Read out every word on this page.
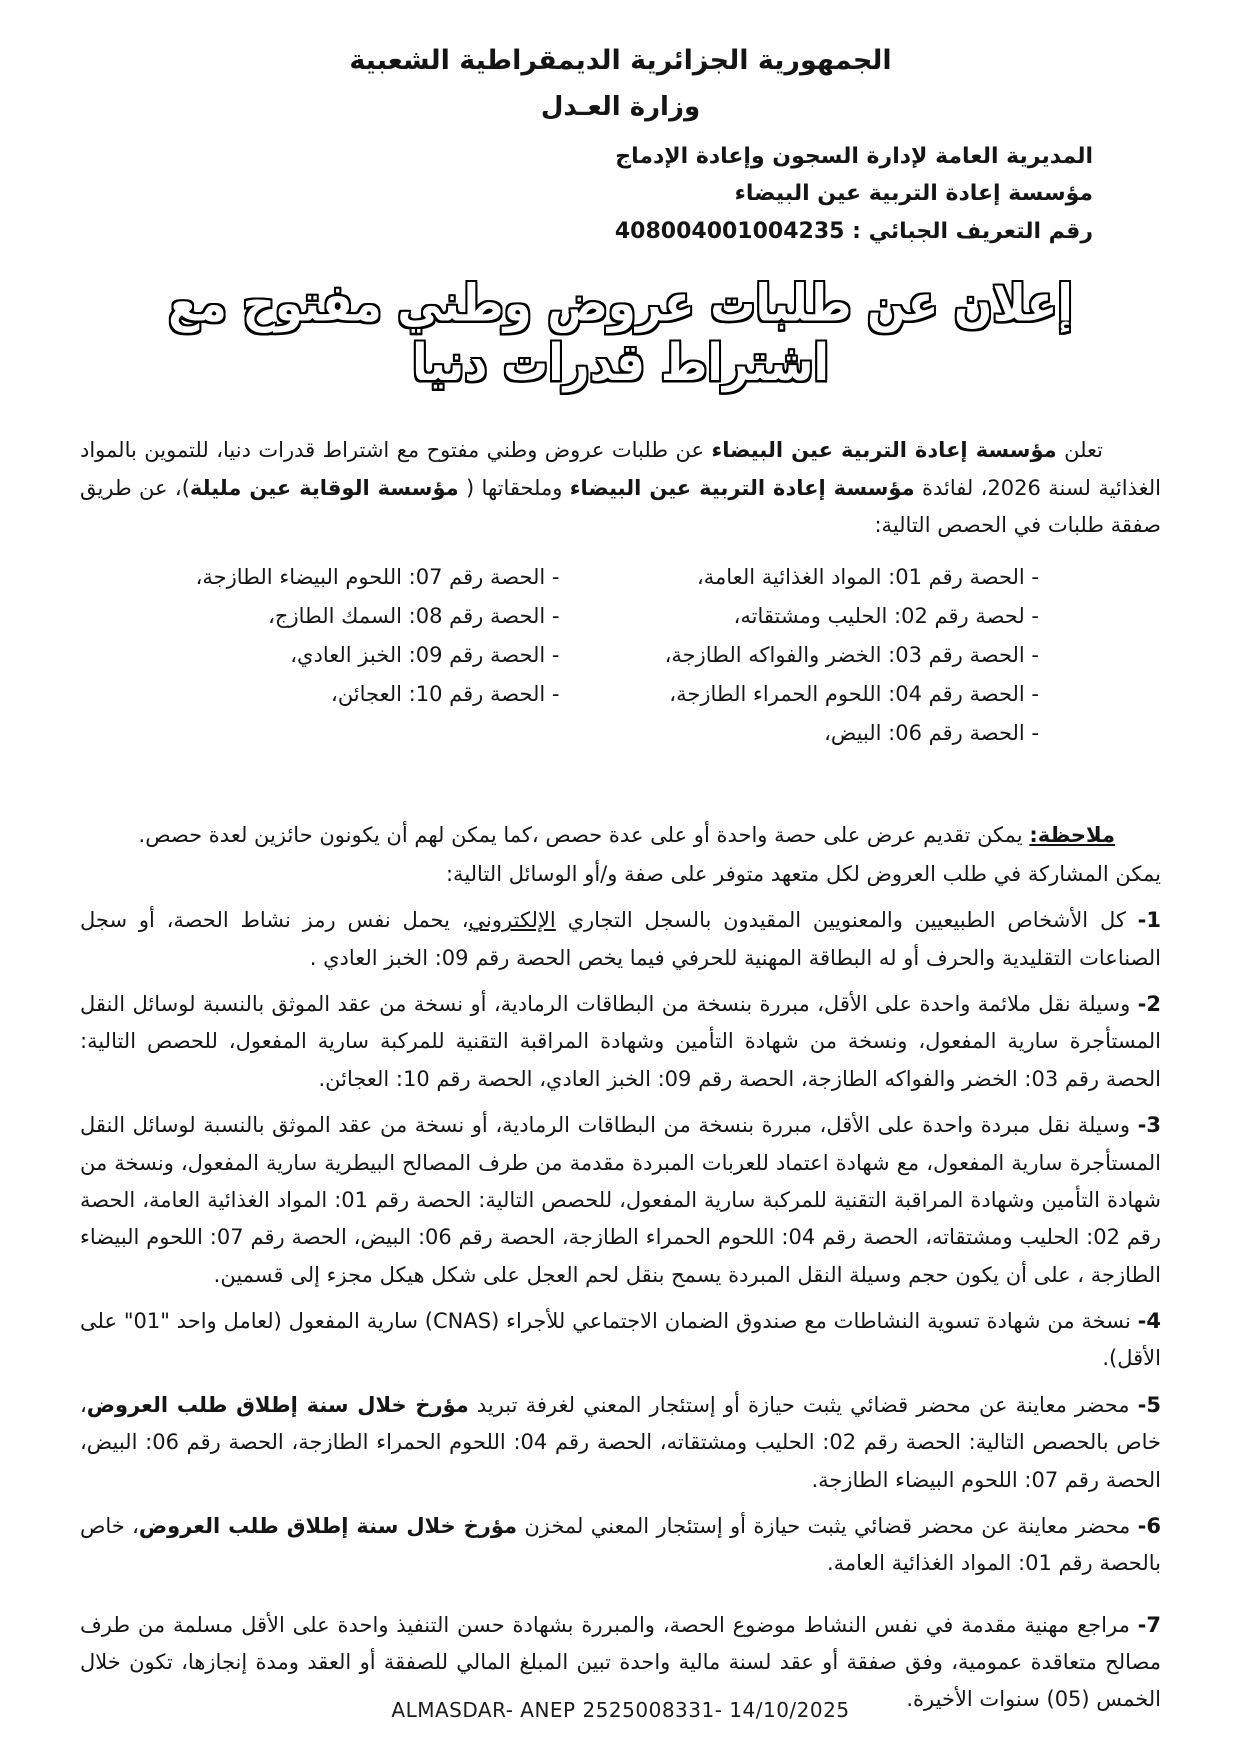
الجمهورية الجزائرية الديمقراطية الشعبية
وزارة العـدل
المديرية العامة لإدارة السجون وإعادة الإدماج
مؤسسة إعادة التربية عين البيضاء
رقم التعريف الجبائي : 408004001004235
إعلان عن طلبات عروض وطني مفتوح مع اشتراط قدرات دنيا

تعلن مؤسسة إعادة التربية عين البيضاء عن طلبات عروض وطني مفتوح مع اشتراط قدرات دنيا، للتموين بالمواد الغذائية لسنة 2026، لفائدة مؤسسة إعادة التربية عين البيضاء وملحقاتها ( مؤسسة الوقاية عين مليلة)، عن طريق صفقة طلبات في الحصص التالية:

- الحصة رقم 01: المواد الغذائية العامة،
- لحصة رقم 02: الحليب ومشتقاته،
- الحصة رقم 03: الخضر والفواكه الطازجة،
- الحصة رقم 04: اللحوم الحمراء الطازجة،
- الحصة رقم 06: البيض،
- الحصة رقم 07: اللحوم البيضاء الطازجة،
- الحصة رقم 08: السمك الطازج،
- الحصة رقم 09: الخبز العادي،
- الحصة رقم 10: العجائن،

ملاحظة: يمكن تقديم عرض على حصة واحدة أو على عدة حصص ،كما يمكن لهم أن يكونون حائزين لعدة حصص.

يمكن المشاركة في طلب العروض لكل متعهد متوفر على صفة و/أو الوسائل التالية:

1- كل الأشخاص الطبيعيين والمعنويين المقيدون بالسجل التجاري الإلكتروني، يحمل نفس رمز نشاط الحصة، أو سجل الصناعات التقليدية والحرف أو له البطاقة المهنية للحرفي فيما يخص الحصة رقم 09: الخبز العادي .

2- وسيلة نقل ملائمة واحدة على الأقل، مبررة بنسخة من البطاقات الرمادية، أو نسخة من عقد الموثق بالنسبة لوسائل النقل المستأجرة سارية المفعول، ونسخة من شهادة التأمين وشهادة المراقبة التقنية للمركبة سارية المفعول، للحصص التالية: الحصة رقم 03: الخضر والفواكه الطازجة، الحصة رقم 09: الخبز العادي، الحصة رقم 10: العجائن.

3- وسيلة نقل مبردة واحدة على الأقل، مبررة بنسخة من البطاقات الرمادية، أو نسخة من عقد الموثق بالنسبة لوسائل النقل المستأجرة سارية المفعول، مع شهادة اعتماد للعربات المبردة مقدمة من طرف المصالح البيطرية سارية المفعول، ونسخة من شهادة التأمين وشهادة المراقبة التقنية للمركبة سارية المفعول، للحصص التالية: الحصة رقم 01: المواد الغذائية العامة، الحصة رقم 02: الحليب ومشتقاته، الحصة رقم 04: اللحوم الحمراء الطازجة، الحصة رقم 06: البيض، الحصة رقم 07: اللحوم البيضاء الطازجة ، على أن يكون حجم وسيلة النقل المبردة يسمح بنقل لحم العجل على شكل هيكل مجزء إلى قسمين.

4- نسخة من شهادة تسوية النشاطات مع صندوق الضمان الاجتماعي للأجراء (CNAS) سارية المفعول (لعامل واحد "01" على الأقل).

5- محضر معاينة عن محضر قضائي يثبت حيازة أو إستئجار المعني لغرفة تبريد مؤرخ خلال سنة إطلاق طلب العروض، خاص بالحصص التالية: الحصة رقم 02: الحليب ومشتقاته، الحصة رقم 04: اللحوم الحمراء الطازجة، الحصة رقم 06: البيض، الحصة رقم 07: اللحوم البيضاء الطازجة.

6- محضر معاينة عن محضر قضائي يثبت حيازة أو إستئجار المعني لمخزن مؤرخ خلال سنة إطلاق طلب العروض، خاص بالحصة رقم 01: المواد الغذائية العامة.

7- مراجع مهنية مقدمة في نفس النشاط موضوع الحصة، والمبررة بشهادة حسن التنفيذ واحدة على الأقل مسلمة من طرف مصالح متعاقدة عمومية، وفق صفقة أو عقد لسنة مالية واحدة تبين المبلغ المالي للصفقة أو العقد ومدة إنجازها، تكون خلال الخمس (05) سنوات الأخيرة.

ALMASDAR- ANEP 2525008331- 14/10/2025
